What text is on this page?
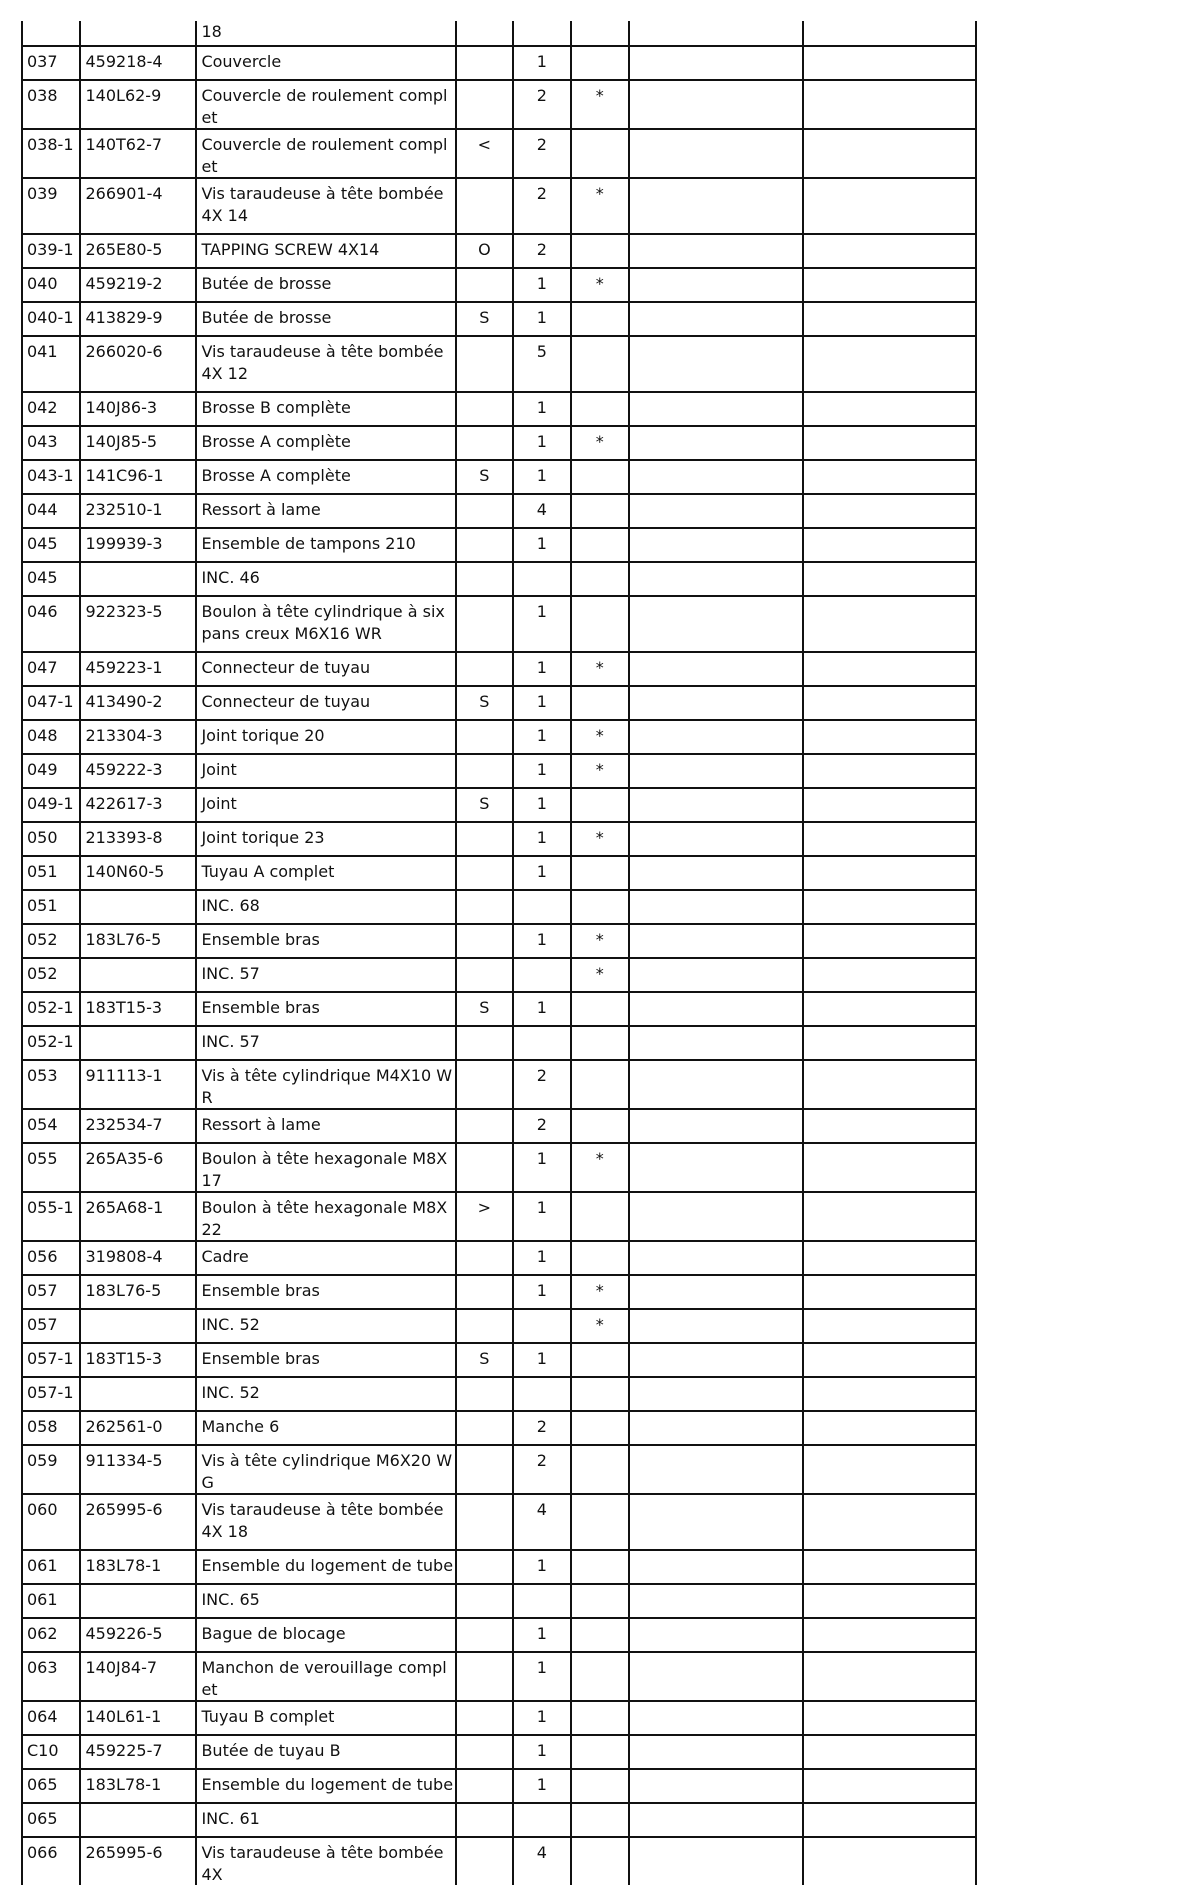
		18					
037	459218-4	Couvercle		1			
038	140L62-9	Couvercle de roulement complet		2	*		
038-1	140T62-7	Couvercle de roulement complet	<	2			
039	266901-4	Vis taraudeuse à tête bombée 4X 14		2	*		
039-1	265E80-5	TAPPING SCREW 4X14	O	2			
040	459219-2	Butée de brosse		1	*		
040-1	413829-9	Butée de brosse	S	1			
041	266020-6	Vis taraudeuse à tête bombée 4X 12		5			
042	140J86-3	Brosse B complète		1			
043	140J85-5	Brosse A complète		1	*		
043-1	141C96-1	Brosse A complète	S	1			
044	232510-1	Ressort à lame		4			
045	199939-3	Ensemble de tampons 210		1			
045		INC. 46					
046	922323-5	Boulon à tête cylindrique à six pans creux M6X16 WR		1			
047	459223-1	Connecteur de tuyau		1	*		
047-1	413490-2	Connecteur de tuyau	S	1			
048	213304-3	Joint torique 20		1	*		
049	459222-3	Joint		1	*		
049-1	422617-3	Joint	S	1			
050	213393-8	Joint torique 23		1	*		
051	140N60-5	Tuyau A complet		1			
051		INC. 68					
052	183L76-5	Ensemble bras		1	*		
052		INC. 57			*		
052-1	183T15-3	Ensemble bras	S	1			
052-1		INC. 57					
053	911113-1	Vis à tête cylindrique M4X10 WR		2			
054	232534-7	Ressort à lame		2			
055	265A35-6	Boulon à tête hexagonale M8X17		1	*		
055-1	265A68-1	Boulon à tête hexagonale M8X22	>	1			
056	319808-4	Cadre		1			
057	183L76-5	Ensemble bras		1	*		
057		INC. 52			*		
057-1	183T15-3	Ensemble bras	S	1			
057-1		INC. 52					
058	262561-0	Manche 6		2			
059	911334-5	Vis à tête cylindrique M6X20 WG		2			
060	265995-6	Vis taraudeuse à tête bombée 4X 18		4			
061	183L78-1	Ensemble du logement de tube		1			
061		INC. 65					
062	459226-5	Bague de blocage		1			
063	140J84-7	Manchon de verouillage complet		1			
064	140L61-1	Tuyau B complet		1			
C10	459225-7	Butée de tuyau B		1			
065	183L78-1	Ensemble du logement de tube		1			
065		INC. 61					
066	265995-6	Vis taraudeuse à tête bombée 4X		4			
